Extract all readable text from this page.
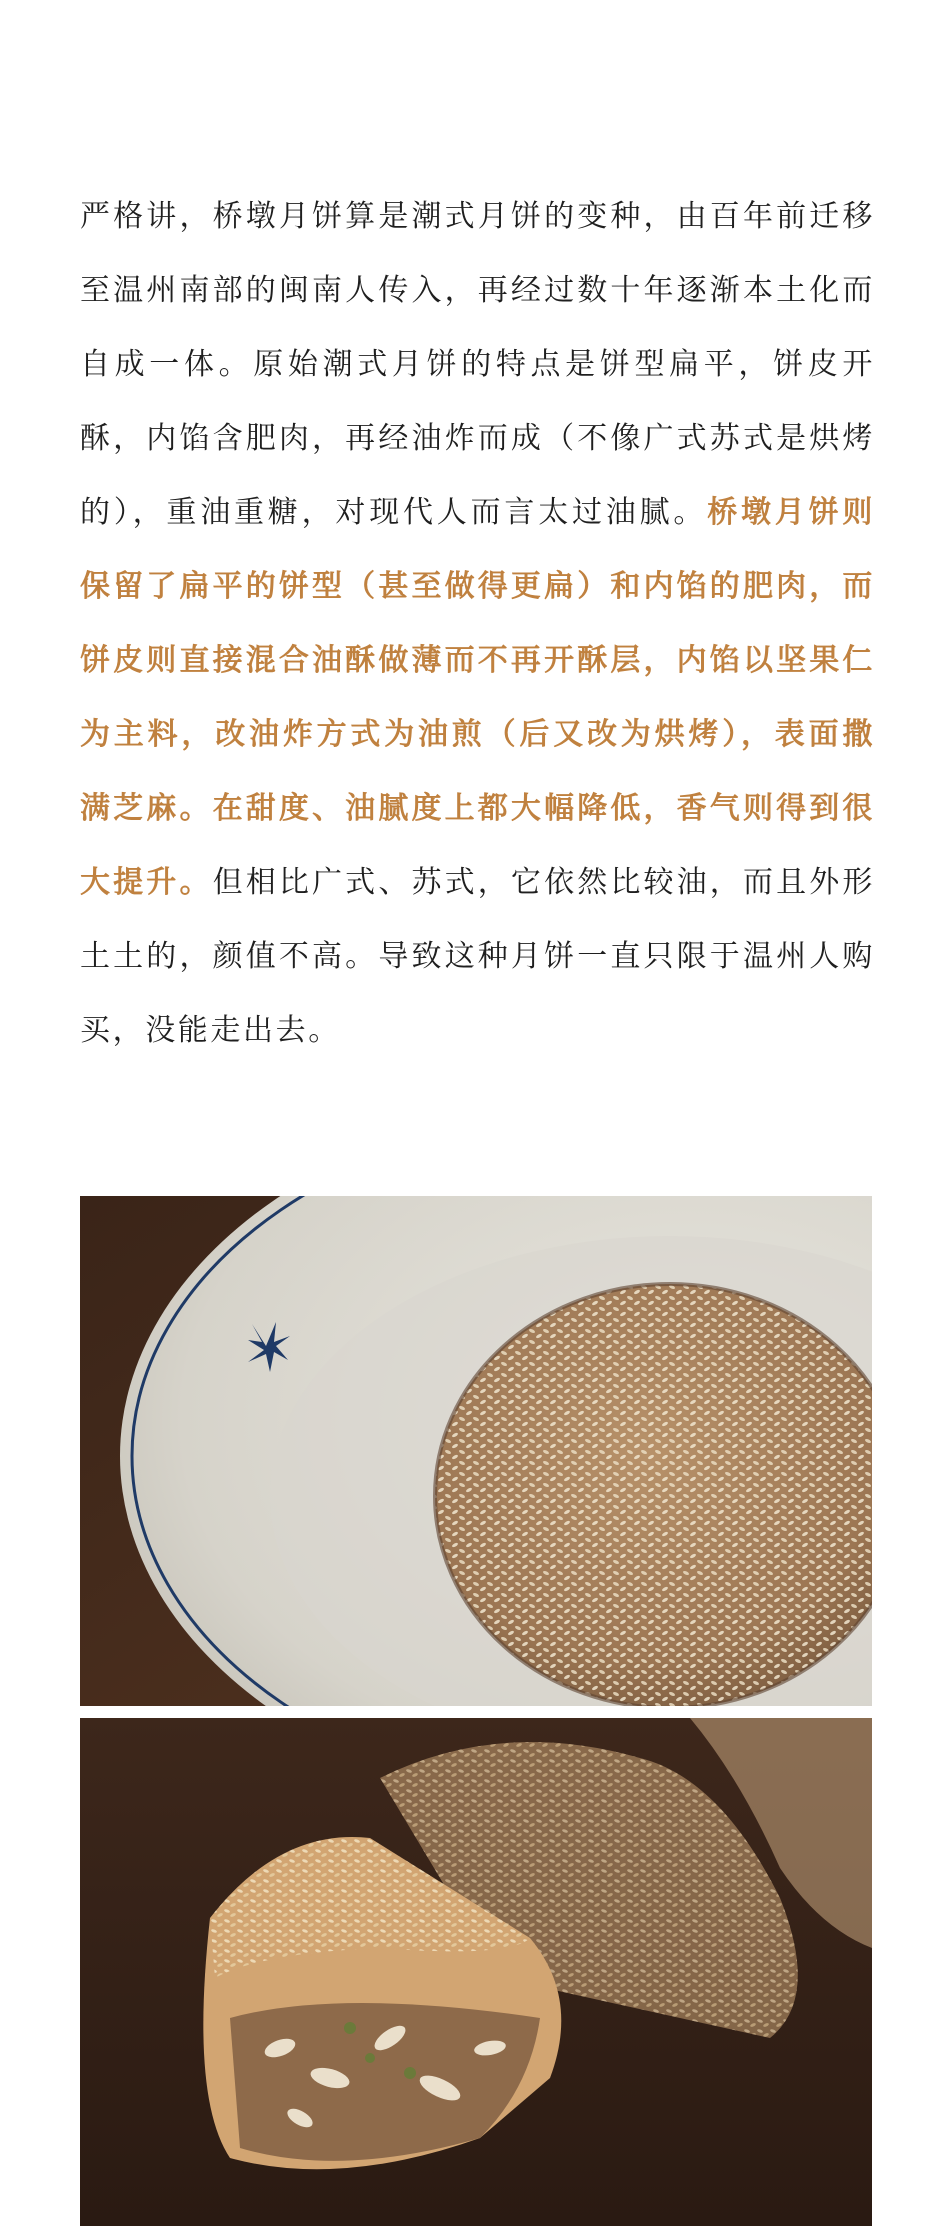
严格讲，桥墩月饼算是潮式月饼的变种，由百年前迁移至温州南部的闽南人传入，再经过数十年逐渐本土化而自成一体。原始潮式月饼的特点是饼型扁平，饼皮开酥，内馅含肥肉，再经油炸而成（不像广式苏式是烘烤的），重油重糖，对现代人而言太过油腻。桥墩月饼则保留了扁平的饼型（甚至做得更扁）和内馅的肥肉，而饼皮则直接混合油酥做薄而不再开酥层，内馅以坚果仁为主料，改油炸方式为油煎（后又改为烘烤），表面撒满芝麻。在甜度、油腻度上都大幅降低，香气则得到很大提升。但相比广式、苏式，它依然比较油，而且外形土土的，颜值不高。导致这种月饼一直只限于温州人购买，没能走出去。
